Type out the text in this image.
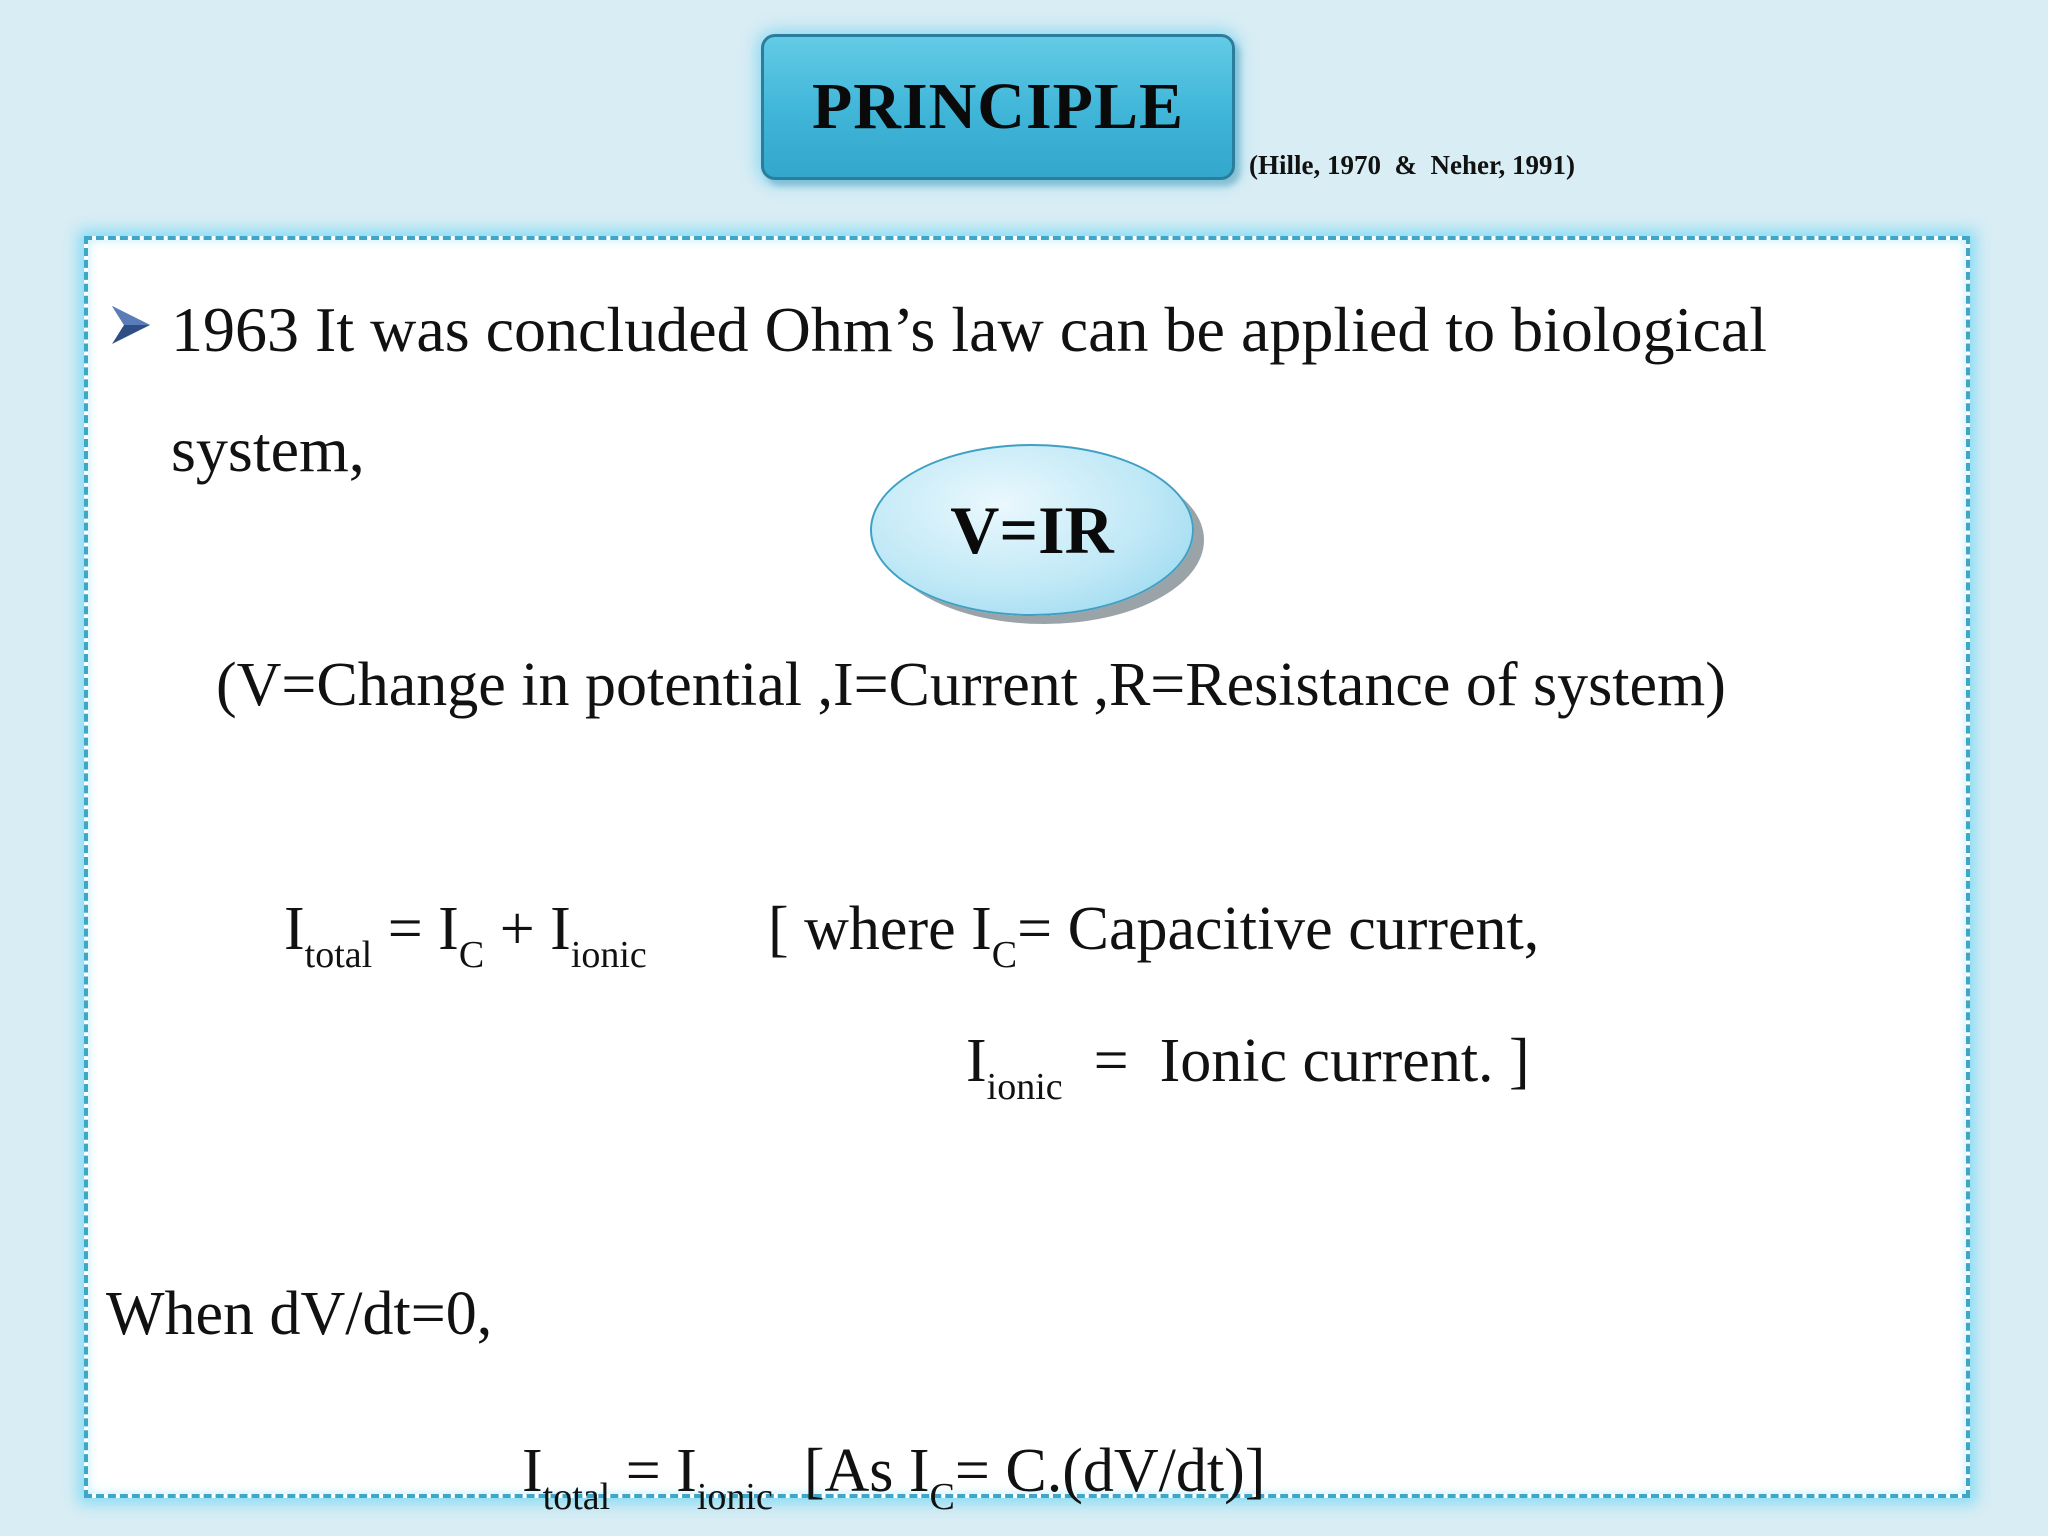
PRINCIPLE
(Hille, 1970  &  Neher, 1991)
1963 It was concluded Ohm’s law can be applied to biological
system,
V=IR
(V=Change in potential ,I=Current ,R=Resistance of system)
$I_{total} = I_C + I_{ionic}$ [ where $I_C=$ Capacitive current,
$I_{ionic}$  =  Ionic current. ]
When dV/dt=0,
$I_{total} = I_{ionic}$  [As $I_C= C.(dV/dt)$]
